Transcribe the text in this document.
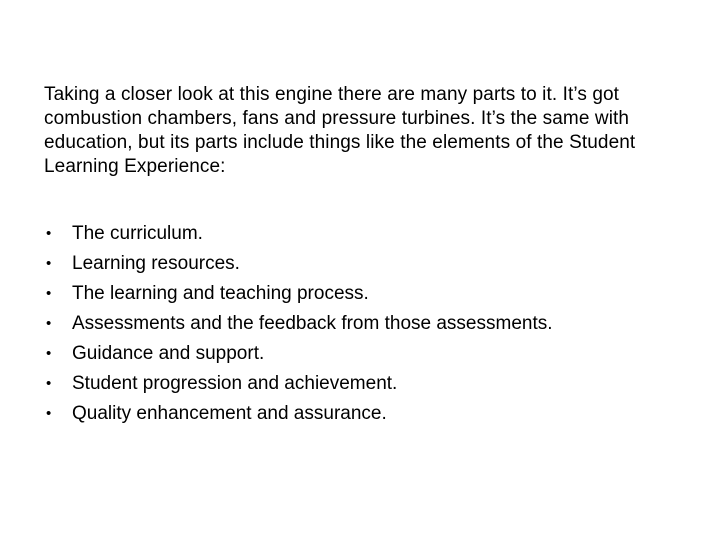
Taking a closer look at this engine there are many parts to it. It’s got combustion chambers, fans and pressure turbines. It’s the same with education, but its parts include things like the elements of the Student Learning Experience:

• The curriculum.
• Learning resources.
• The learning and teaching process.
• Assessments and the feedback from those assessments.
• Guidance and support.
• Student progression and achievement.
• Quality enhancement and assurance.
